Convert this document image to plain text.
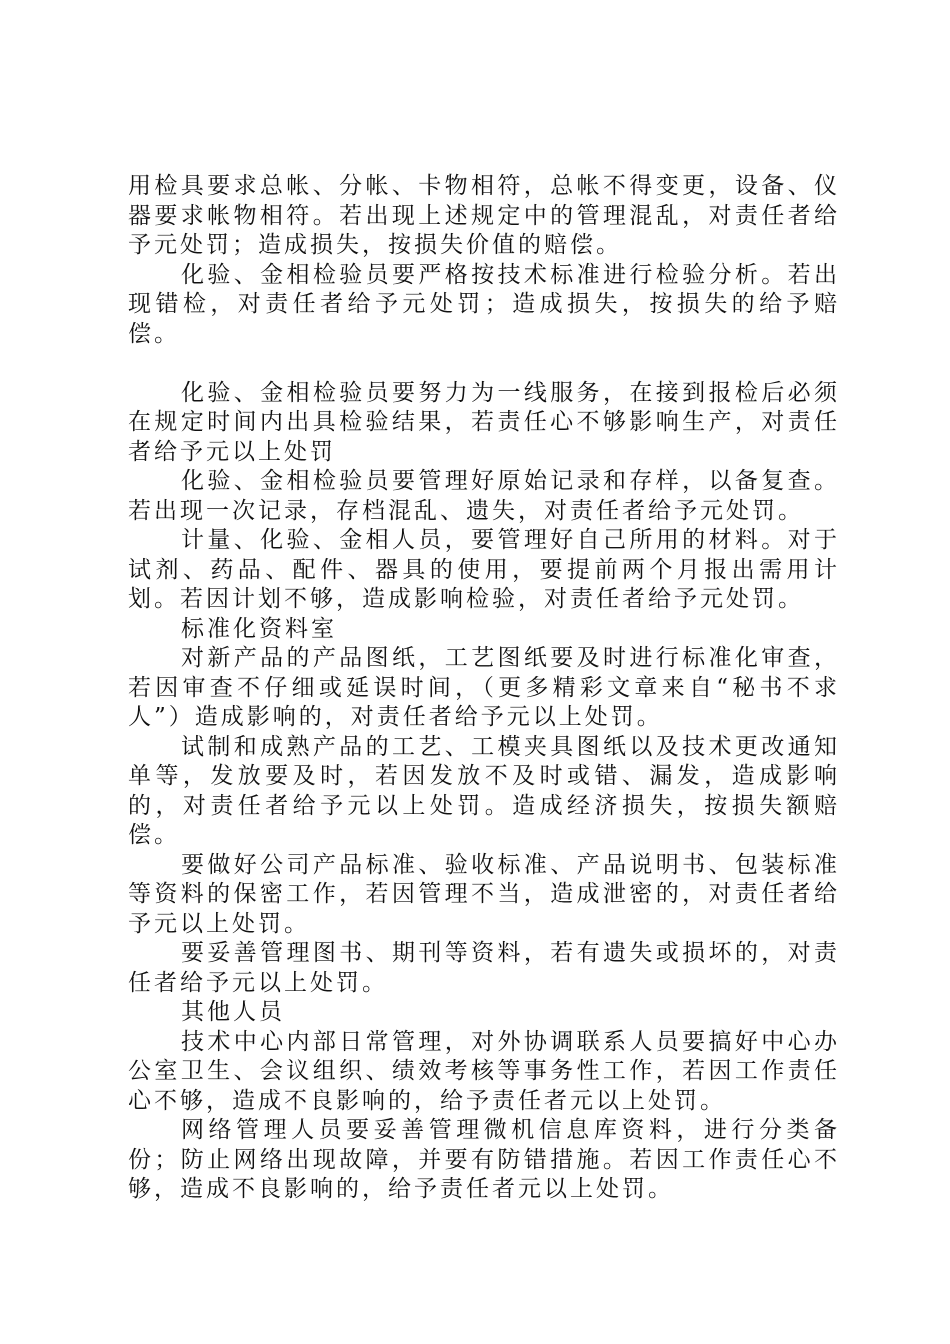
用检具要求总帐、分帐、卡物相符，总帐不得变更，设备、仪器要求帐物相符。若出现上述规定中的管理混乱，对责任者给予元处罚；造成损失，按损失价值的赔偿。

化验、金相检验员要严格按技术标准进行检验分析。若出现错检，对责任者给予元处罚；造成损失，按损失的给予赔偿。

化验、金相检验员要努力为一线服务，在接到报检后必须在规定时间内出具检验结果，若责任心不够影响生产，对责任者给予元以上处罚

化验、金相检验员要管理好原始记录和存样，以备复查。若出现一次记录，存档混乱、遗失，对责任者给予元处罚。

计量、化验、金相人员，要管理好自己所用的材料。对于试剂、药品、配件、器具的使用，要提前两个月报出需用计划。若因计划不够，造成影响检验，对责任者给予元处罚。

标准化资料室

对新产品的产品图纸，工艺图纸要及时进行标准化审查，若因审查不仔细或延误时间，（更多精彩文章来自“秘书不求人”）造成影响的，对责任者给予元以上处罚。

试制和成熟产品的工艺、工模夹具图纸以及技术更改通知单等，发放要及时，若因发放不及时或错、漏发，造成影响的，对责任者给予元以上处罚。造成经济损失，按损失额赔偿。

要做好公司产品标准、验收标准、产品说明书、包装标准等资料的保密工作，若因管理不当，造成泄密的，对责任者给予元以上处罚。

要妥善管理图书、期刊等资料，若有遗失或损坏的，对责任者给予元以上处罚。

其他人员

技术中心内部日常管理，对外协调联系人员要搞好中心办公室卫生、会议组织、绩效考核等事务性工作，若因工作责任心不够，造成不良影响的，给予责任者元以上处罚。

网络管理人员要妥善管理微机信息库资料，进行分类备份；防止网络出现故障，并要有防错措施。若因工作责任心不够，造成不良影响的，给予责任者元以上处罚。
